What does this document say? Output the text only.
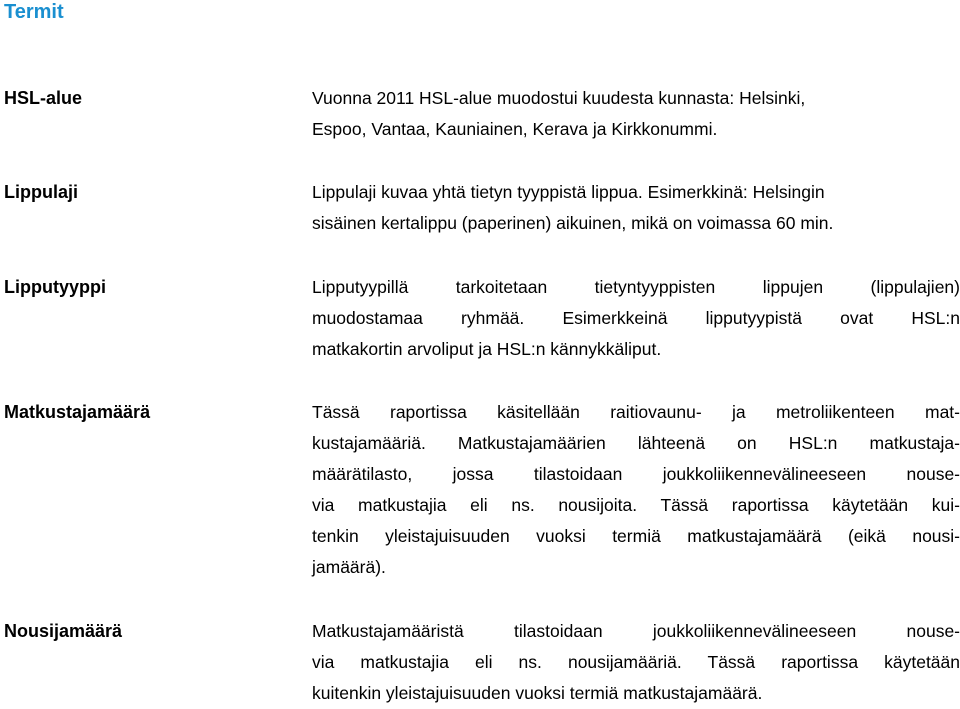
Termit
HSL-alue	Vuonna 2011 HSL-alue muodostui kuudesta kunnasta: Helsinki,
Espoo, Vantaa, Kauniainen, Kerava ja Kirkkonummi.
Lippulaji	Lippulaji kuvaa yhtä tietyn tyyppistä lippua. Esimerkkinä: Helsingin
sisäinen kertalippu (paperinen) aikuinen, mikä on voimassa 60 min.
Lipputyyppi	Lipputyypillä tarkoitetaan tietyntyyppisten lippujen (lippulajien)
muodostamaa ryhmää. Esimerkkeinä lipputyypistä ovat HSL:n
matkakortin arvoliput ja HSL:n kännykkäliput.
Matkustajamäärä	Tässä raportissa käsitellään raitiovaunu- ja metroliikenteen mat-
kustajamääriä. Matkustajamäärien lähteenä on HSL:n matkustaja-
määrätilasto, jossa tilastoidaan joukkoliikennevälineeseen nouse-
via matkustajia eli ns. nousijoita. Tässä raportissa käytetään kui-
tenkin yleistajuisuuden vuoksi termiä matkustajamäärä (eikä nousi-
jamäärä).
Nousijamäärä	Matkustajamääristä tilastoidaan joukkoliikennevälineeseen nouse-
via matkustajia eli ns. nousijamääriä. Tässä raportissa käytetään
kuitenkin yleistajuisuuden vuoksi termiä matkustajamäärä.
